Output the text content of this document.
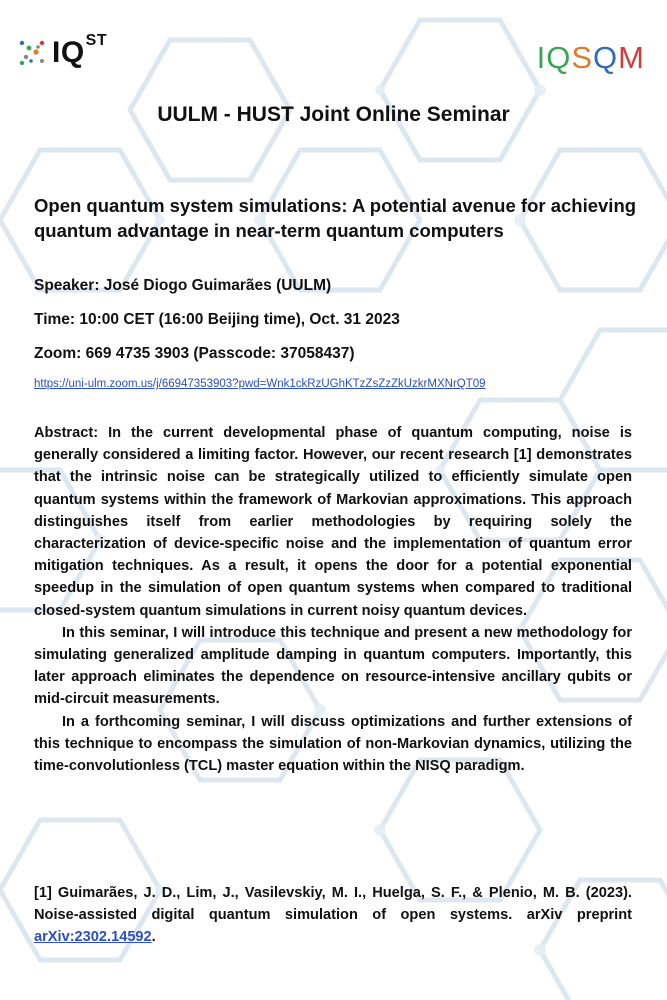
$IQ^{ST}$	IQSQM
UULM - HUST Joint Online Seminar
Open quantum system simulations: A potential avenue for achieving quantum advantage in near-term quantum computers
Speaker: José Diogo Guimarães (UULM)
Time: 10:00 CET (16:00 Beijing time), Oct. 31 2023
Zoom: 669 4735 3903 (Passcode: 37058437)
https://uni-ulm.zoom.us/j/66947353903?pwd=Wnk1ckRzUGhKTzZsZzZkUzkrMXNrQT09

Abstract: In the current developmental phase of quantum computing, noise is generally considered a limiting factor. However, our recent research [1] demonstrates that the intrinsic noise can be strategically utilized to efficiently simulate open quantum systems within the framework of Markovian approximations. This approach distinguishes itself from earlier methodologies by requiring solely the characterization of device-specific noise and the implementation of quantum error mitigation techniques. As a result, it opens the door for a potential exponential speedup in the simulation of open quantum systems when compared to traditional closed-system quantum simulations in current noisy quantum devices.

In this seminar, I will introduce this technique and present a new methodology for simulating generalized amplitude damping in quantum computers. Importantly, this later approach eliminates the dependence on resource-intensive ancillary qubits or mid-circuit measurements.

In a forthcoming seminar, I will discuss optimizations and further extensions of this technique to encompass the simulation of non-Markovian dynamics, utilizing the time-convolutionless (TCL) master equation within the NISQ paradigm.

[1] Guimarães, J. D., Lim, J., Vasilevskiy, M. I., Huelga, S. F., & Plenio, M. B. (2023). Noise-assisted digital quantum simulation of open systems. arXiv preprint arXiv:2302.14592.
